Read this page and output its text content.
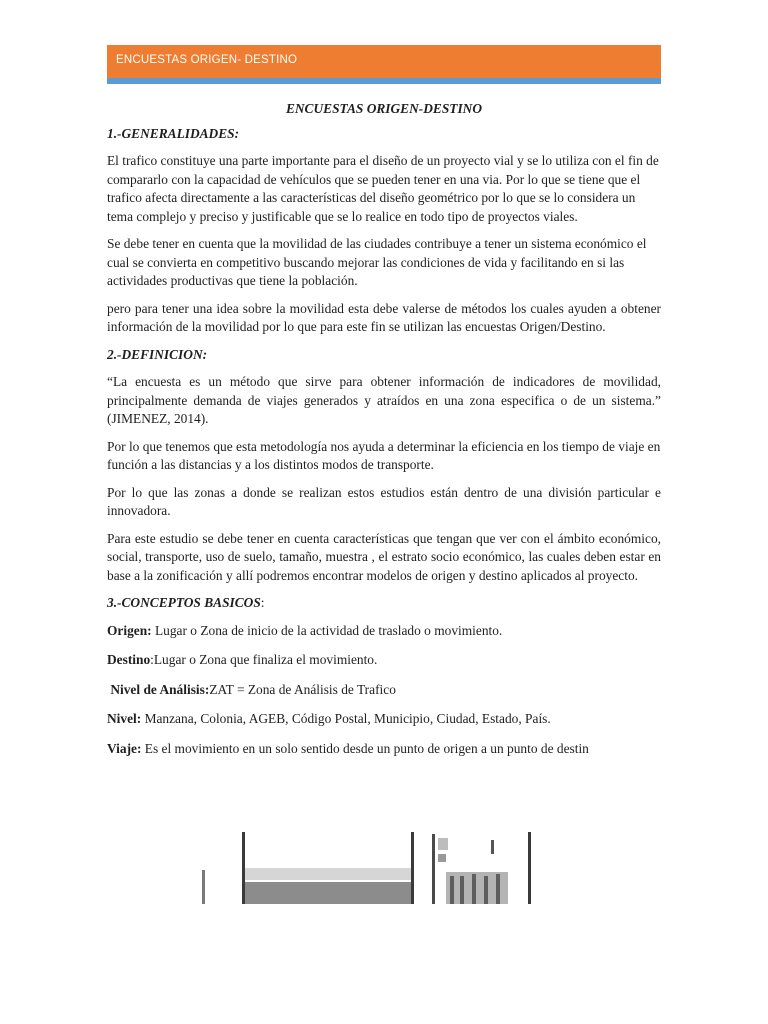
ENCUESTAS ORIGEN- DESTINO

ENCUESTAS ORIGEN-DESTINO

1.-GENERALIDADES:

El trafico constituye una parte importante para el diseño de un proyecto vial y se lo utiliza con el fin de compararlo con la capacidad de vehículos que se pueden tener en una via. Por lo que se tiene que el trafico afecta directamente a las características del diseño geométrico por lo que se lo considera un tema complejo y preciso y justificable que se lo realice en todo tipo de proyectos viales.

Se debe tener en cuenta que la movilidad de las ciudades contribuye a tener un sistema económico el cual se convierta en competitivo buscando mejorar las condiciones de vida y facilitando en si las actividades productivas que tiene la población.

pero para tener una idea sobre la movilidad esta debe valerse de métodos los cuales ayuden a obtener información de la movilidad por lo que para este fin se utilizan las encuestas Origen/Destino.

2.-DEFINICION:

“La encuesta es un método que sirve para obtener información de indicadores de movilidad, principalmente demanda de viajes generados y atraídos en una zona especifica o de un sistema.” (JIMENEZ, 2014).

Por lo que tenemos que esta metodología nos ayuda a determinar la eficiencia en los tiempo de viaje en función a las distancias y a los distintos modos de transporte.

Por lo que las zonas a donde se realizan estos estudios están dentro de una división particular e innovadora.

Para este estudio se debe tener en cuenta características que tengan que ver con el ámbito económico, social, transporte, uso de suelo, tamaño, muestra , el estrato socio económico, las cuales deben estar en base a la zonificación y allí podremos encontrar modelos de origen y destino aplicados al proyecto.

3.-CONCEPTOS BASICOS:

Origen: Lugar o Zona de inicio de la actividad de traslado o movimiento.

Destino:Lugar o Zona que finaliza el movimiento.

Nivel de Análisis:ZAT = Zona de Análisis de Trafico

Nivel: Manzana, Colonia, AGEB, Código Postal, Municipio, Ciudad, Estado, País.

Viaje: Es el movimiento en un solo sentido desde un punto de origen a un punto de destin
